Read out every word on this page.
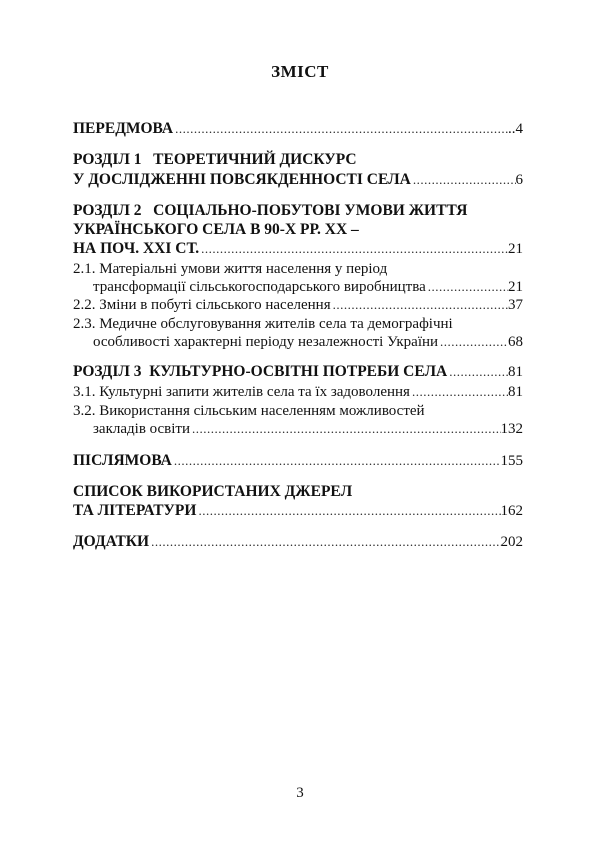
ЗМІСТ
ПЕРЕДМОВА .....	..4
РОЗДІЛ 1   ТЕОРЕТИЧНИЙ ДИСКУРС
У ДОСЛІДЖЕННІ ПОВСЯКДЕННОСТІ СЕЛА .....	6
РОЗДІЛ 2   СОЦІАЛЬНО-ПОБУТОВІ УМОВИ ЖИТТЯ
УКРАЇНСЬКОГО СЕЛА В 90-Х РР. ХХ –
НА ПОЧ. ХХІ СТ. .....	21
2.1. Матеріальні умови життя населення у період
трансформації сільськогосподарського виробництва .....	21
2.2. Зміни в побуті сільського населення .....	37
2.3. Медичне обслуговування жителів села та демографічні
особливості характерні періоду незалежності України .....	68
РОЗДІЛ 3  КУЛЬТУРНО-ОСВІТНІ ПОТРЕБИ СЕЛА .....	81
3.1. Культурні запити жителів села та їх задоволення .....	81
3.2. Використання сільським населенням можливостей
закладів освіти .....	132
ПІСЛЯМОВА .....	155
СПИСОК ВИКОРИСТАНИХ ДЖЕРЕЛ
ТА ЛІТЕРАТУРИ .....	162
ДОДАТКИ .....	202
3
